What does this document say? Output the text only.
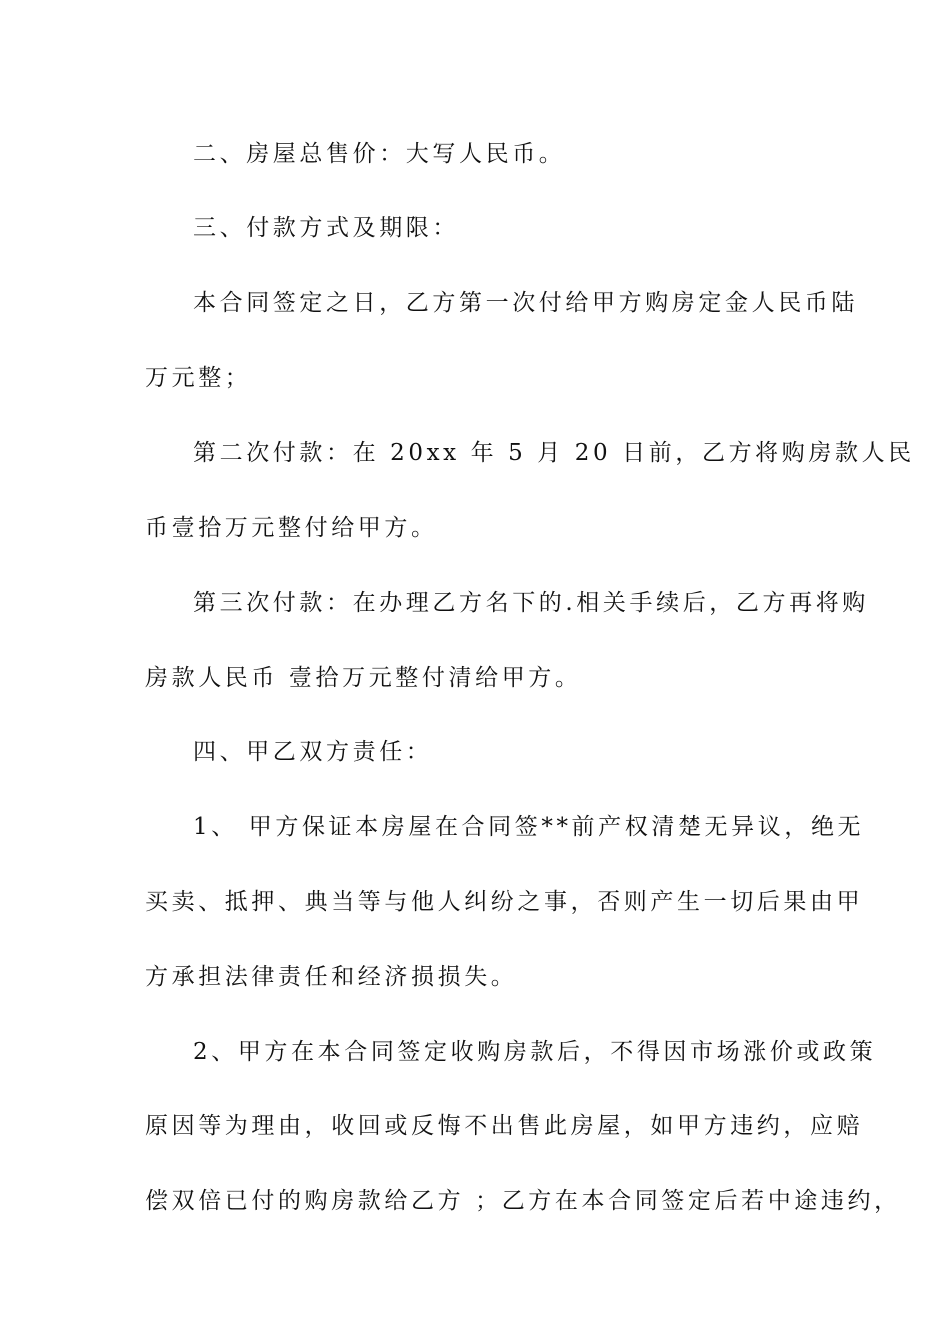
二、房屋总售价：大写人民币。
三、付款方式及期限：
本合同签定之日，乙方第一次付给甲方购房定金人民币陆
万元整；
第二次付款：在 20xx 年 5 月 20 日前，乙方将购房款人民
币壹拾万元整付给甲方。
第三次付款：在办理乙方名下的.相关手续后，乙方再将购
房款人民币 壹拾万元整付清给甲方。
四、甲乙双方责任：
1、 甲方保证本房屋在合同签**前产权清楚无异议，绝无
买卖、抵押、典当等与他人纠纷之事，否则产生一切后果由甲
方承担法律责任和经济损损失。
2、甲方在本合同签定收购房款后，不得因市场涨价或政策
原因等为理由，收回或反悔不出售此房屋，如甲方违约，应赔
偿双倍已付的购房款给乙方 ；乙方在本合同签定后若中途违约，
